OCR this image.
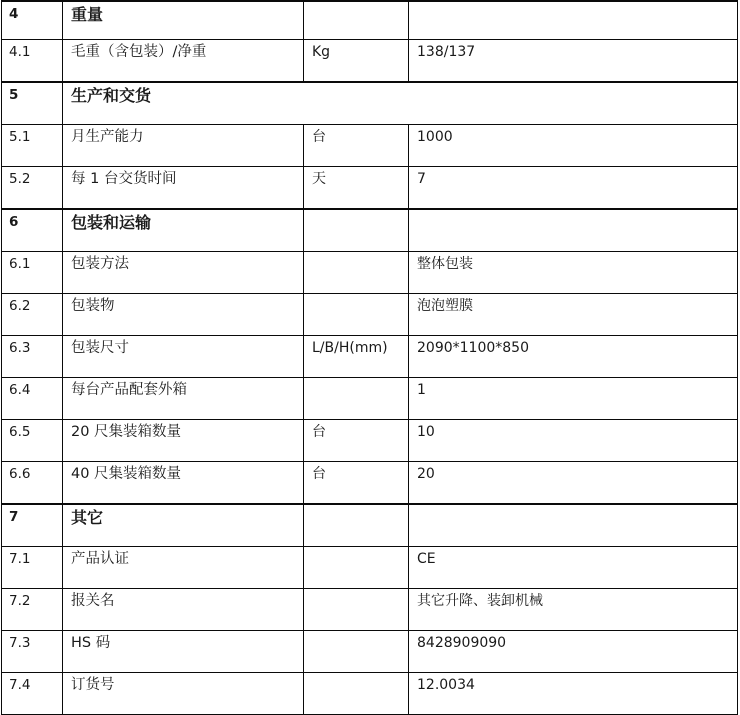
4	重量		
4.1	毛重（含包装）/净重	Kg	138/137
5	生产和交货		
5.1	月生产能力	台	1000
5.2	每 1 台交货时间	天	7
6	包装和运输		
6.1	包装方法		整体包装
6.2	包装物		泡泡塑膜
6.3	包装尺寸	L/B/H(mm)	2090*1100*850
6.4	每台产品配套外箱		1
6.5	20 尺集装箱数量	台	10
6.6	40 尺集装箱数量	台	20
7	其它		
7.1	产品认证		CE
7.2	报关名		其它升降、装卸机械
7.3	HS 码		8428909090
7.4	订货号		12.0034
